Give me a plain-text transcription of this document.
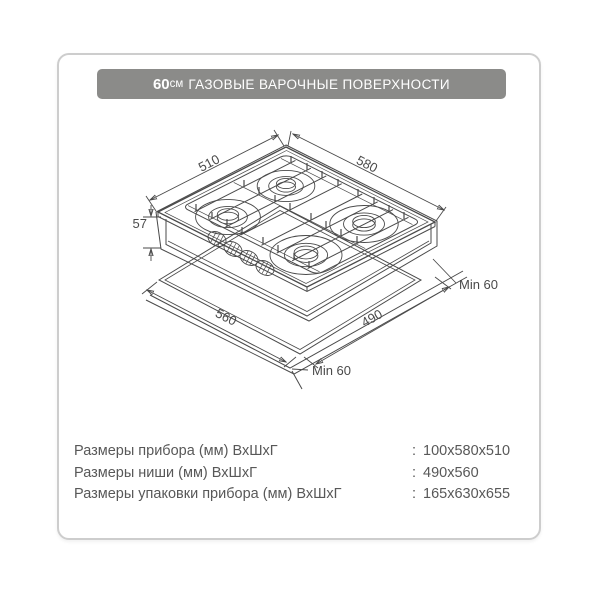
60 см ГАЗОВЫЕ ВАРОЧНЫЕ ПОВЕРХНОСТИ
Размеры прибора (мм) ВхШхГ	: 100x580x510
Размеры ниши (мм) ВхШхГ	: 490x560
Размеры упаковки прибора (мм) ВхШхГ	: 165x630x655
560	490
510	580
57
Min 60
Min 60
